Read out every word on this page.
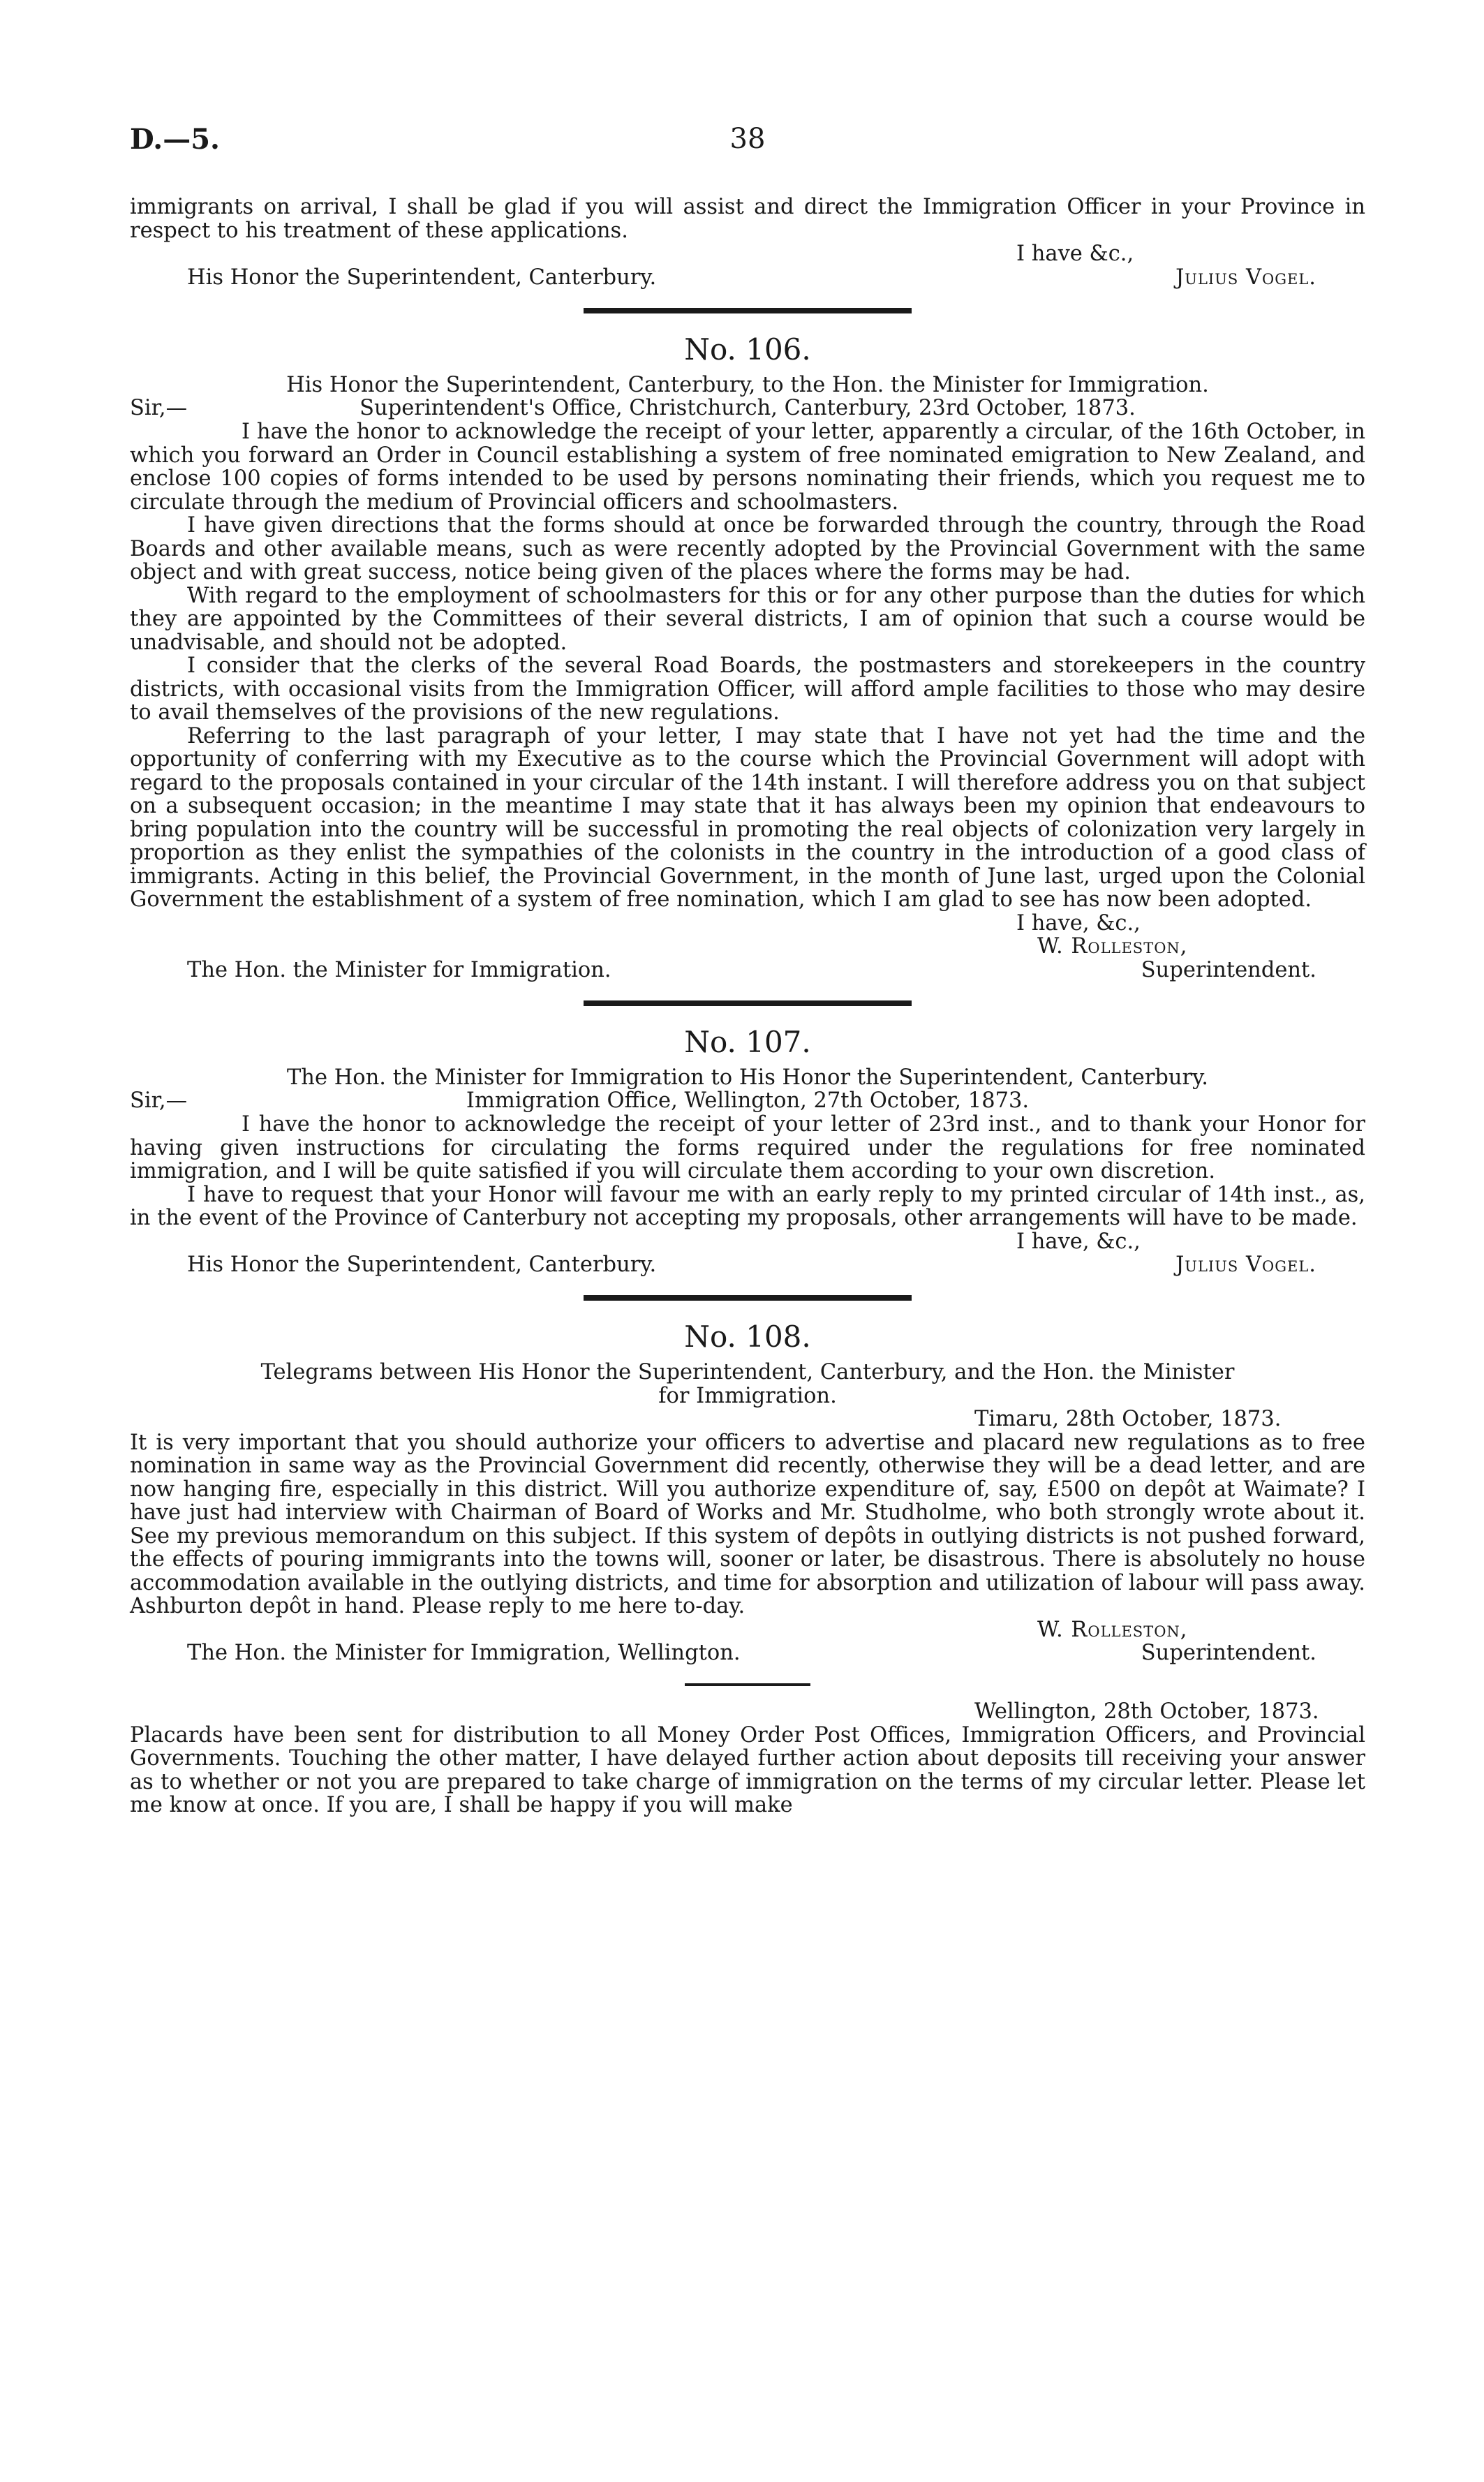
D.—5.	38

immigrants on arrival, I shall be glad if you will assist and direct the Immigration Officer in your Province in respect to his treatment of these applications.

I have &c.,

His Honor the Superintendent, Canterbury.	Julius Vogel.
No. 106.

His Honor the Superintendent, Canterbury, to the Hon. the Minister for Immigration.

Sir,—	Superintendent's Office, Christchurch, Canterbury, 23rd October, 1873.

I have the honor to acknowledge the receipt of your letter, apparently a circular, of the 16th October, in which you forward an Order in Council establishing a system of free nominated emigration to New Zealand, and enclose 100 copies of forms intended to be used by persons nominating their friends, which you request me to circulate through the medium of Provincial officers and schoolmasters.

I have given directions that the forms should at once be forwarded through the country, through the Road Boards and other available means, such as were recently adopted by the Provincial Government with the same object and with great success, notice being given of the places where the forms may be had.

With regard to the employment of schoolmasters for this or for any other purpose than the duties for which they are appointed by the Committees of their several districts, I am of opinion that such a course would be unadvisable, and should not be adopted.

I consider that the clerks of the several Road Boards, the postmasters and storekeepers in the country districts, with occasional visits from the Immigration Officer, will afford ample facilities to those who may desire to avail themselves of the provisions of the new regulations.

Referring to the last paragraph of your letter, I may state that I have not yet had the time and the opportunity of conferring with my Executive as to the course which the Provincial Government will adopt with regard to the proposals contained in your circular of the 14th instant. I will therefore address you on that subject on a subsequent occasion; in the meantime I may state that it has always been my opinion that endeavours to bring population into the country will be successful in promoting the real objects of colonization very largely in proportion as they enlist the sympathies of the colonists in the country in the introduction of a good class of immigrants. Acting in this belief, the Provincial Government, in the month of June last, urged upon the Colonial Government the establishment of a system of free nomination, which I am glad to see has now been adopted.

I have, &c.,

W. Rolleston,

The Hon. the Minister for Immigration.	Superintendent.
No. 107.

The Hon. the Minister for Immigration to His Honor the Superintendent, Canterbury.

Sir,—	Immigration Office, Wellington, 27th October, 1873.

I have the honor to acknowledge the receipt of your letter of 23rd inst., and to thank your Honor for having given instructions for circulating the forms required under the regulations for free nominated immigration, and I will be quite satisfied if you will circulate them according to your own discretion.

I have to request that your Honor will favour me with an early reply to my printed circular of 14th inst., as, in the event of the Province of Canterbury not accepting my proposals, other arrangements will have to be made.

I have, &c.,

His Honor the Superintendent, Canterbury.	Julius Vogel.
No. 108.

Telegrams between His Honor the Superintendent, Canterbury, and the Hon. the Minister

for Immigration.

Timaru, 28th October, 1873.

It is very important that you should authorize your officers to advertise and placard new regulations as to free nomination in same way as the Provincial Government did recently, otherwise they will be a dead letter, and are now hanging fire, especially in this district. Will you authorize expenditure of, say, £500 on depôt at Waimate? I have just had interview with Chairman of Board of Works and Mr. Studholme, who both strongly wrote about it. See my previous memorandum on this subject. If this system of depôts in outlying districts is not pushed forward, the effects of pouring immigrants into the towns will, sooner or later, be disastrous. There is absolutely no house accommodation available in the outlying districts, and time for absorption and utilization of labour will pass away. Ashburton depôt in hand. Please reply to me here to-day.

W. Rolleston,

The Hon. the Minister for Immigration, Wellington.	Superintendent.

Wellington, 28th October, 1873.

Placards have been sent for distribution to all Money Order Post Offices, Immigration Officers, and Provincial Governments. Touching the other matter, I have delayed further action about deposits till receiving your answer as to whether or not you are prepared to take charge of immigration on the terms of my circular letter. Please let me know at once. If you are, I shall be happy if you will make
